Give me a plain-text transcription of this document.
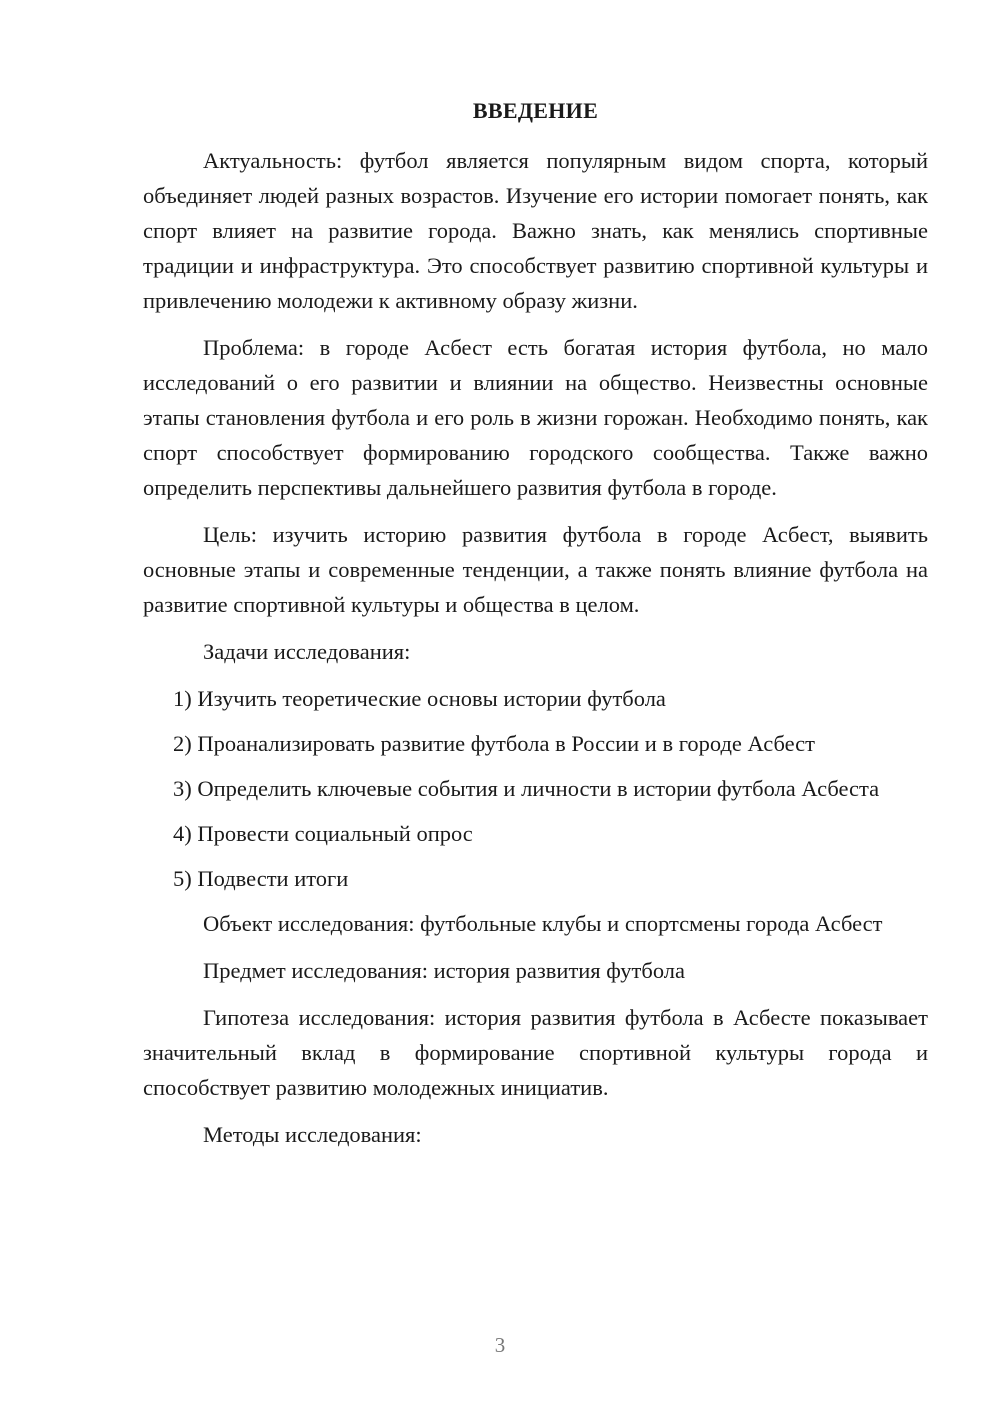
ВВЕДЕНИЕ

Актуальность: футбол является популярным видом спорта, который объединяет людей разных возрастов. Изучение его истории помогает понять, как спорт влияет на развитие города. Важно знать, как менялись спортивные традиции и инфраструктура. Это способствует развитию спортивной культуры и привлечению молодежи к активному образу жизни.

Проблема: в городе Асбест есть богатая история футбола, но мало исследований о его развитии и влиянии на общество. Неизвестны основные этапы становления футбола и его роль в жизни горожан. Необходимо понять, как спорт способствует формированию городского сообщества. Также важно определить перспективы дальнейшего развития футбола в городе.

Цель: изучить историю развития футбола в городе Асбест, выявить основные этапы и современные тенденции, а также понять влияние футбола на развитие спортивной культуры и общества в целом.

Задачи исследования:

1) Изучить теоретические основы истории футбола

2) Проанализировать развитие футбола в России и в городе Асбест

3) Определить ключевые события и личности в истории футбола Асбеста

4) Провести социальный опрос

5) Подвести итоги

Объект исследования: футбольные клубы и спортсмены города Асбест

Предмет исследования: история развития футбола

Гипотеза исследования: история развития футбола в Асбесте показывает значительный вклад в формирование спортивной культуры города и способствует развитию молодежных инициатив.

Методы исследования:

3
